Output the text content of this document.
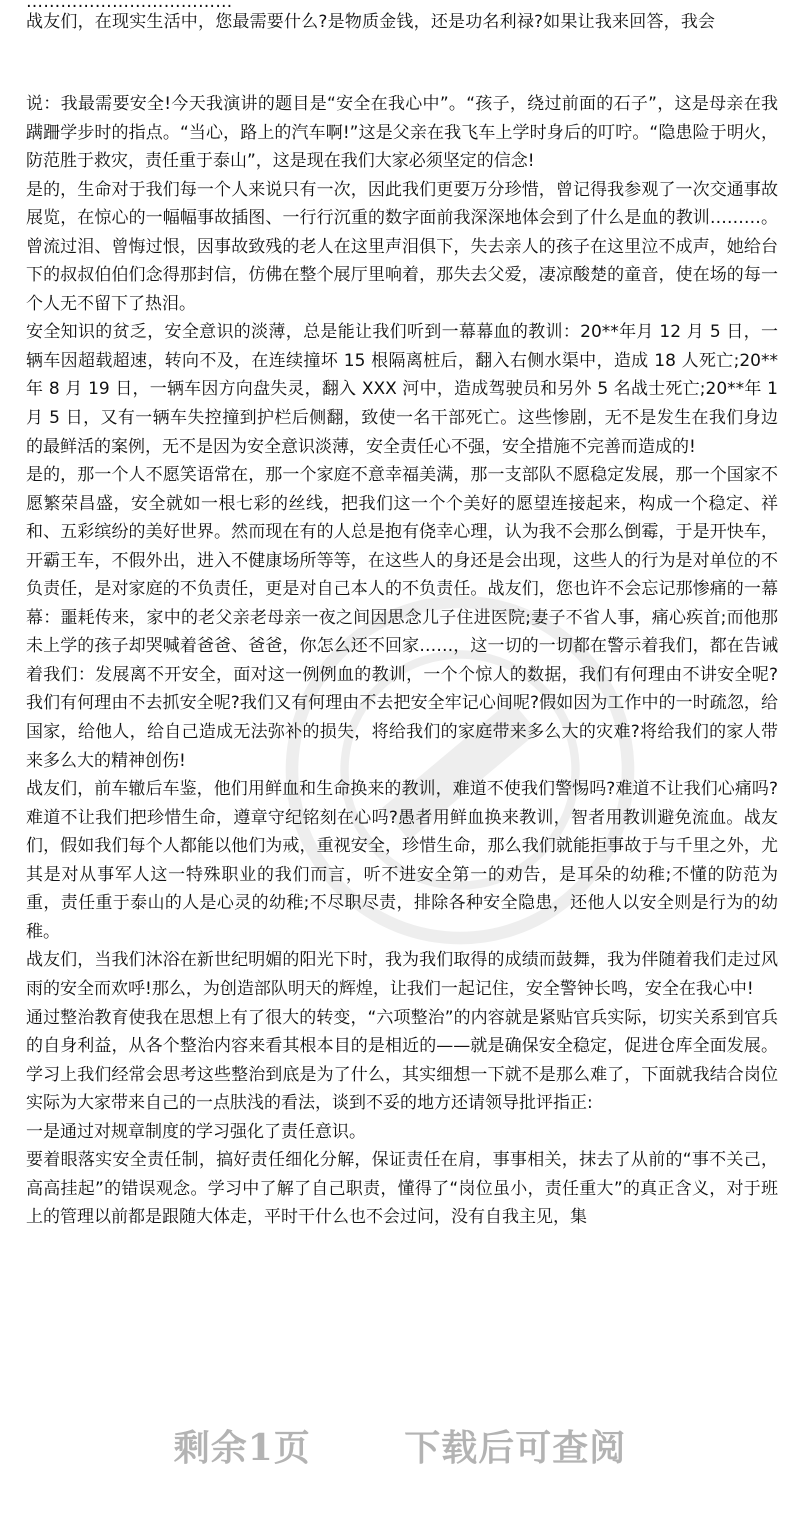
………………………………
战友们，在现实生活中，您最需要什么?是物质金钱，还是功名利禄?如果让我来回答，我会

说：我最需要安全!今天我演讲的题目是“安全在我心中”。“孩子，绕过前面的石子”，这是母亲在我蹒跚学步时的指点。“当心，路上的汽车啊!”这是父亲在我飞车上学时身后的叮咛。“隐患险于明火，防范胜于救灾，责任重于泰山”，这是现在我们大家必须坚定的信念!

是的，生命对于我们每一个人来说只有一次，因此我们更要万分珍惜，曾记得我参观了一次交通事故展览，在惊心的一幅幅事故插图、一行行沉重的数字面前我深深地体会到了什么是血的教训………。曾流过泪、曾悔过恨，因事故致残的老人在这里声泪俱下，失去亲人的孩子在这里泣不成声，她给台下的叔叔伯伯们念得那封信，仿佛在整个展厅里响着，那失去父爱，凄凉酸楚的童音，使在场的每一个人无不留下了热泪。

安全知识的贫乏，安全意识的淡薄，总是能让我们听到一幕幕血的教训：20**年月 12 月 5 日，一辆车因超载超速，转向不及，在连续撞坏 15 根隔离桩后，翻入右侧水渠中，造成 18 人死亡;20**年 8 月 19 日，一辆车因方向盘失灵，翻入 XXX 河中，造成驾驶员和另外 5 名战士死亡;20**年 1 月 5 日，又有一辆车失控撞到护栏后侧翻，致使一名干部死亡。这些惨剧，无不是发生在我们身边的最鲜活的案例，无不是因为安全意识淡薄，安全责任心不强，安全措施不完善而造成的!

是的，那一个人不愿笑语常在，那一个家庭不意幸福美满，那一支部队不愿稳定发展，那一个国家不愿繁荣昌盛，安全就如一根七彩的丝线，把我们这一个个美好的愿望连接起来，构成一个稳定、祥和、五彩缤纷的美好世界。然而现在有的人总是抱有侥幸心理，认为我不会那么倒霉，于是开快车，开霸王车，不假外出，进入不健康场所等等，在这些人的身还是会出现，这些人的行为是对单位的不负责任，是对家庭的不负责任，更是对自己本人的不负责任。战友们，您也许不会忘记那惨痛的一幕幕：噩耗传来，家中的老父亲老母亲一夜之间因思念儿子住进医院;妻子不省人事，痛心疾首;而他那未上学的孩子却哭喊着爸爸、爸爸，你怎么还不回家……，这一切的一切都在警示着我们，都在告诫着我们：发展离不开安全，面对这一例例血的教训，一个个惊人的数据，我们有何理由不讲安全呢?我们有何理由不去抓安全呢?我们又有何理由不去把安全牢记心间呢?假如因为工作中的一时疏忽，给国家，给他人，给自己造成无法弥补的损失，将给我们的家庭带来多么大的灾难?将给我们的家人带来多么大的精神创伤!

战友们，前车辙后车鉴，他们用鲜血和生命换来的教训，难道不使我们警惕吗?难道不让我们心痛吗?难道不让我们把珍惜生命，遵章守纪铭刻在心吗?愚者用鲜血换来教训，智者用教训避免流血。战友们，假如我们每个人都能以他们为戒，重视安全，珍惜生命，那么我们就能拒事故于与千里之外，尤其是对从事军人这一特殊职业的我们而言，听不进安全第一的劝告，是耳朵的幼稚;不懂的防范为重，责任重于泰山的人是心灵的幼稚;不尽职尽责，排除各种安全隐患，还他人以安全则是行为的幼稚。

战友们，当我们沐浴在新世纪明媚的阳光下时，我为我们取得的成绩而鼓舞，我为伴随着我们走过风雨的安全而欢呼!那么，为创造部队明天的辉煌，让我们一起记住，安全警钟长鸣，安全在我心中!

通过整治教育使我在思想上有了很大的转变，“六项整治”的内容就是紧贴官兵实际，切实关系到官兵的自身利益，从各个整治内容来看其根本目的是相近的——就是确保安全稳定，促进仓库全面发展。学习上我们经常会思考这些整治到底是为了什么，其实细想一下就不是那么难了，下面就我结合岗位实际为大家带来自己的一点肤浅的看法，谈到不妥的地方还请领导批评指正:

一是通过对规章制度的学习强化了责任意识。

要着眼落实安全责任制，搞好责任细化分解，保证责任在肩，事事相关，抹去了从前的“事不关己，高高挂起”的错误观念。学习中了解了自己职责，懂得了“岗位虽小，责任重大”的真正含义，对于班上的管理以前都是跟随大体走，平时干什么也不会过问，没有自我主见，集

剩余1页	下载后可查阅
